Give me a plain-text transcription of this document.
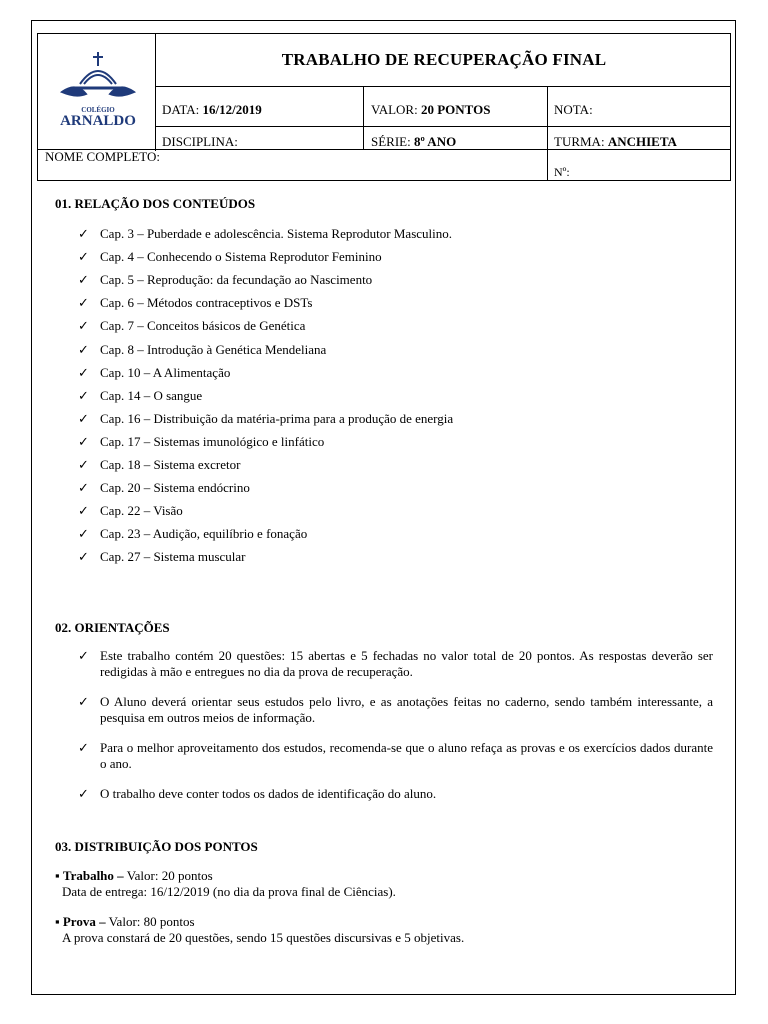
COLÉGIO
ARNALDO
TRABALHO DE RECUPERAÇÃO FINAL
DATA: 16/12/2019	VALOR: 20 PONTOS	NOTA:
DISCIPLINA:	SÉRIE: 8º ANO	TURMA: ANCHIETA
NOME COMPLETO:
Nº:
01. RELAÇÃO DOS CONTEÚDOS
✓ Cap. 3 – Puberdade e adolescência. Sistema Reprodutor Masculino.
✓ Cap. 4 – Conhecendo o Sistema Reprodutor Feminino
✓ Cap. 5 – Reprodução: da fecundação ao Nascimento
✓ Cap. 6 – Métodos contraceptivos e DSTs
✓ Cap. 7 – Conceitos básicos de Genética
✓ Cap. 8 – Introdução à Genética Mendeliana
✓ Cap. 10 – A Alimentação
✓ Cap. 14 – O sangue
✓ Cap. 16 – Distribuição da matéria-prima para a produção de energia
✓ Cap. 17 – Sistemas imunológico e linfático
✓ Cap. 18 – Sistema excretor
✓ Cap. 20 – Sistema endócrino
✓ Cap. 22 – Visão
✓ Cap. 23 – Audição, equilíbrio e fonação
✓ Cap. 27 – Sistema muscular
02. ORIENTAÇÕES
✓ Este trabalho contém 20 questões: 15 abertas e 5 fechadas no valor total de 20 pontos. As respostas deverão ser redigidas à mão e entregues no dia da prova de recuperação.
✓ O Aluno deverá orientar seus estudos pelo livro, e as anotações feitas no caderno, sendo também interessante, a pesquisa em outros meios de informação.
✓ Para o melhor aproveitamento dos estudos, recomenda-se que o aluno refaça as provas e os exercícios dados durante o ano.
✓ O trabalho deve conter todos os dados de identificação do aluno.
03. DISTRIBUIÇÃO DOS PONTOS
▪ Trabalho – Valor: 20 pontos
Data de entrega: 16/12/2019 (no dia da prova final de Ciências).
▪ Prova – Valor: 80 pontos
A prova constará de 20 questões, sendo 15 questões discursivas e 5 objetivas.
